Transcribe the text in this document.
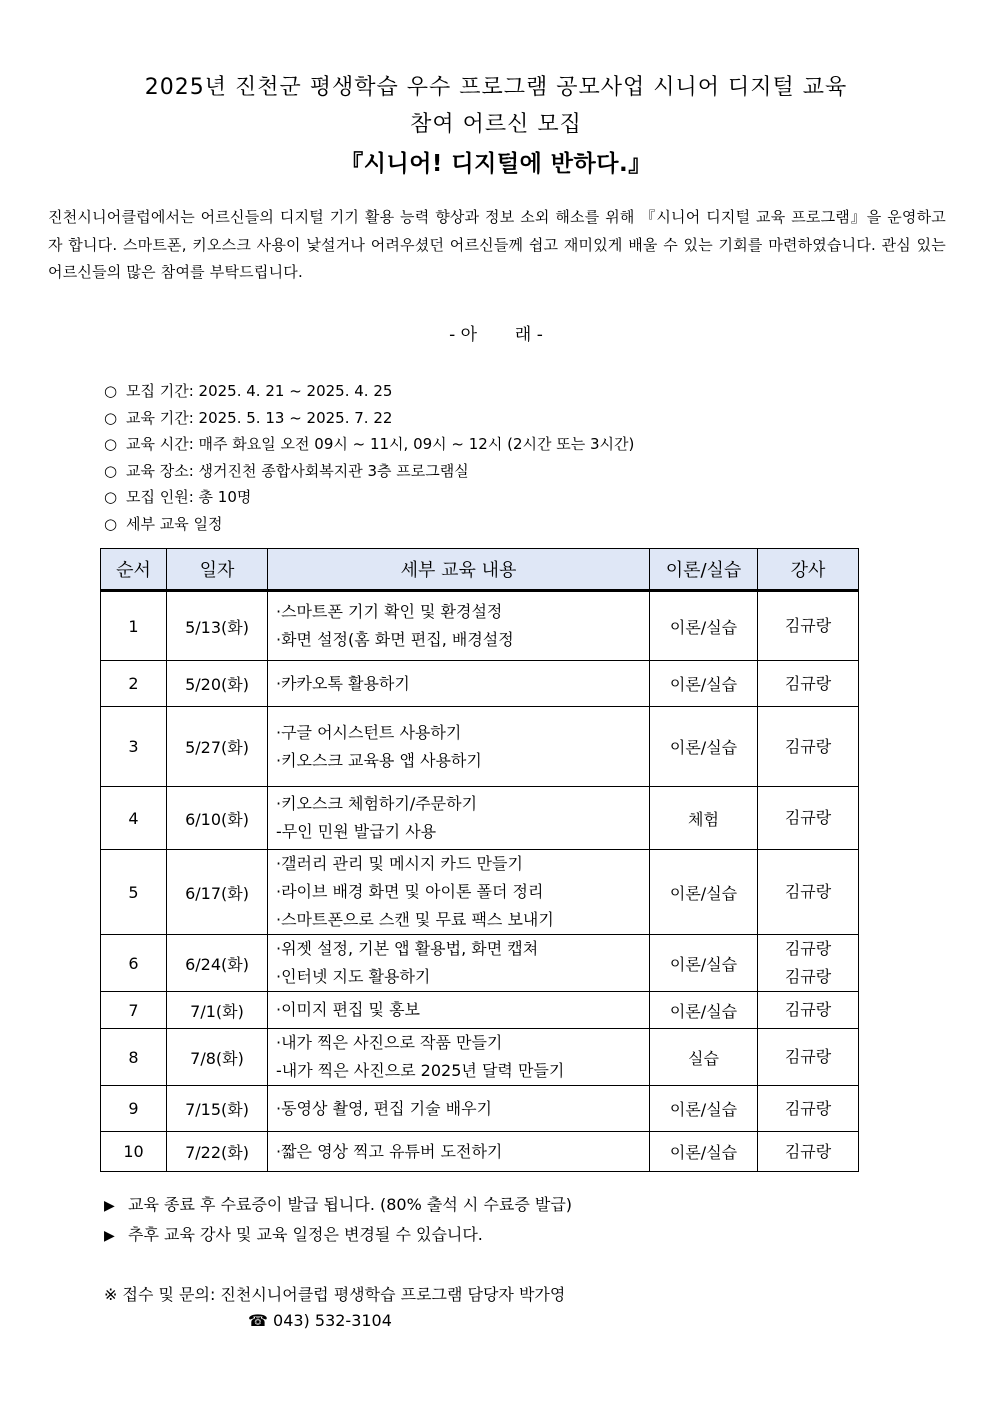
2025년 진천군 평생학습 우수 프로그램 공모사업 시니어 디지털 교육
참여 어르신 모집
『시니어! 디지털에 반하다.』
진천시니어클럽에서는 어르신들의 디지털 기기 활용 능력 향상과 정보 소외 해소를 위해 『시니어 디지털 교육 프로그램』을 운영하고자 합니다. 스마트폰, 키오스크 사용이 낯설거나 어려우셨던 어르신들께 쉽고 재미있게 배울 수 있는 기회를 마련하였습니다. 관심 있는 어르신들의 많은 참여를 부탁드립니다.
- 아       래 -
○ 모집 기간: 2025. 4. 21 ~ 2025. 4. 25
○ 교육 기간: 2025. 5. 13 ~ 2025. 7. 22
○ 교육 시간: 매주 화요일 오전 09시 ~ 11시, 09시 ~ 12시 (2시간 또는 3시간)
○ 교육 장소: 생거진천 종합사회복지관 3층 프로그램실
○ 모집 인원: 총 10명
○ 세부 교육 일정
순서	일자	세부 교육 내용	이론/실습	강사
1	5/13(화)	·스마트폰 기기 확인 및 환경설정
·화면 설정(홈 화면 편집, 배경설정	이론/실습	김규랑

2	5/20(화)	·카카오톡 활용하기	이론/실습	김규랑

3	5/27(화)	·구글 어시스턴트 사용하기
·키오스크 교육용 앱 사용하기	이론/실습	김규랑

4	6/10(화)	·키오스크 체험하기/주문하기
-무인 민원 발급기 사용	체험	김규랑

5	6/17(화)	·갤러리 관리 및 메시지 카드 만들기
·라이브 배경 화면 및 아이톤 폴더 정리
·스마트폰으로 스캔 및 무료 팩스 보내기	이론/실습	김규랑

6	6/24(화)	·위젯 설정, 기본 앱 활용법, 화면 캡쳐
·인터넷 지도 활용하기	이론/실습	김규랑
김규랑

7	7/1(화)	·이미지 편집 및 홍보	이론/실습	김규랑

8	7/8(화)	·내가 찍은 사진으로 작품 만들기
-내가 찍은 사진으로 2025년 달력 만들기	실습	김규랑

9	7/15(화)	·동영상 촬영, 편집 기술 배우기	이론/실습	김규랑

10	7/22(화)	·짧은 영상 찍고 유튜버 도전하기	이론/실습	김규랑
▶ 교육 종료 후 수료증이 발급 됩니다. (80% 출석 시 수료증 발급)
▶ 추후 교육 강사 및 교육 일정은 변경될 수 있습니다.
※ 접수 및 문의: 진천시니어클럽 평생학습 프로그램 담당자 박가영
☎ 043) 532-3104
